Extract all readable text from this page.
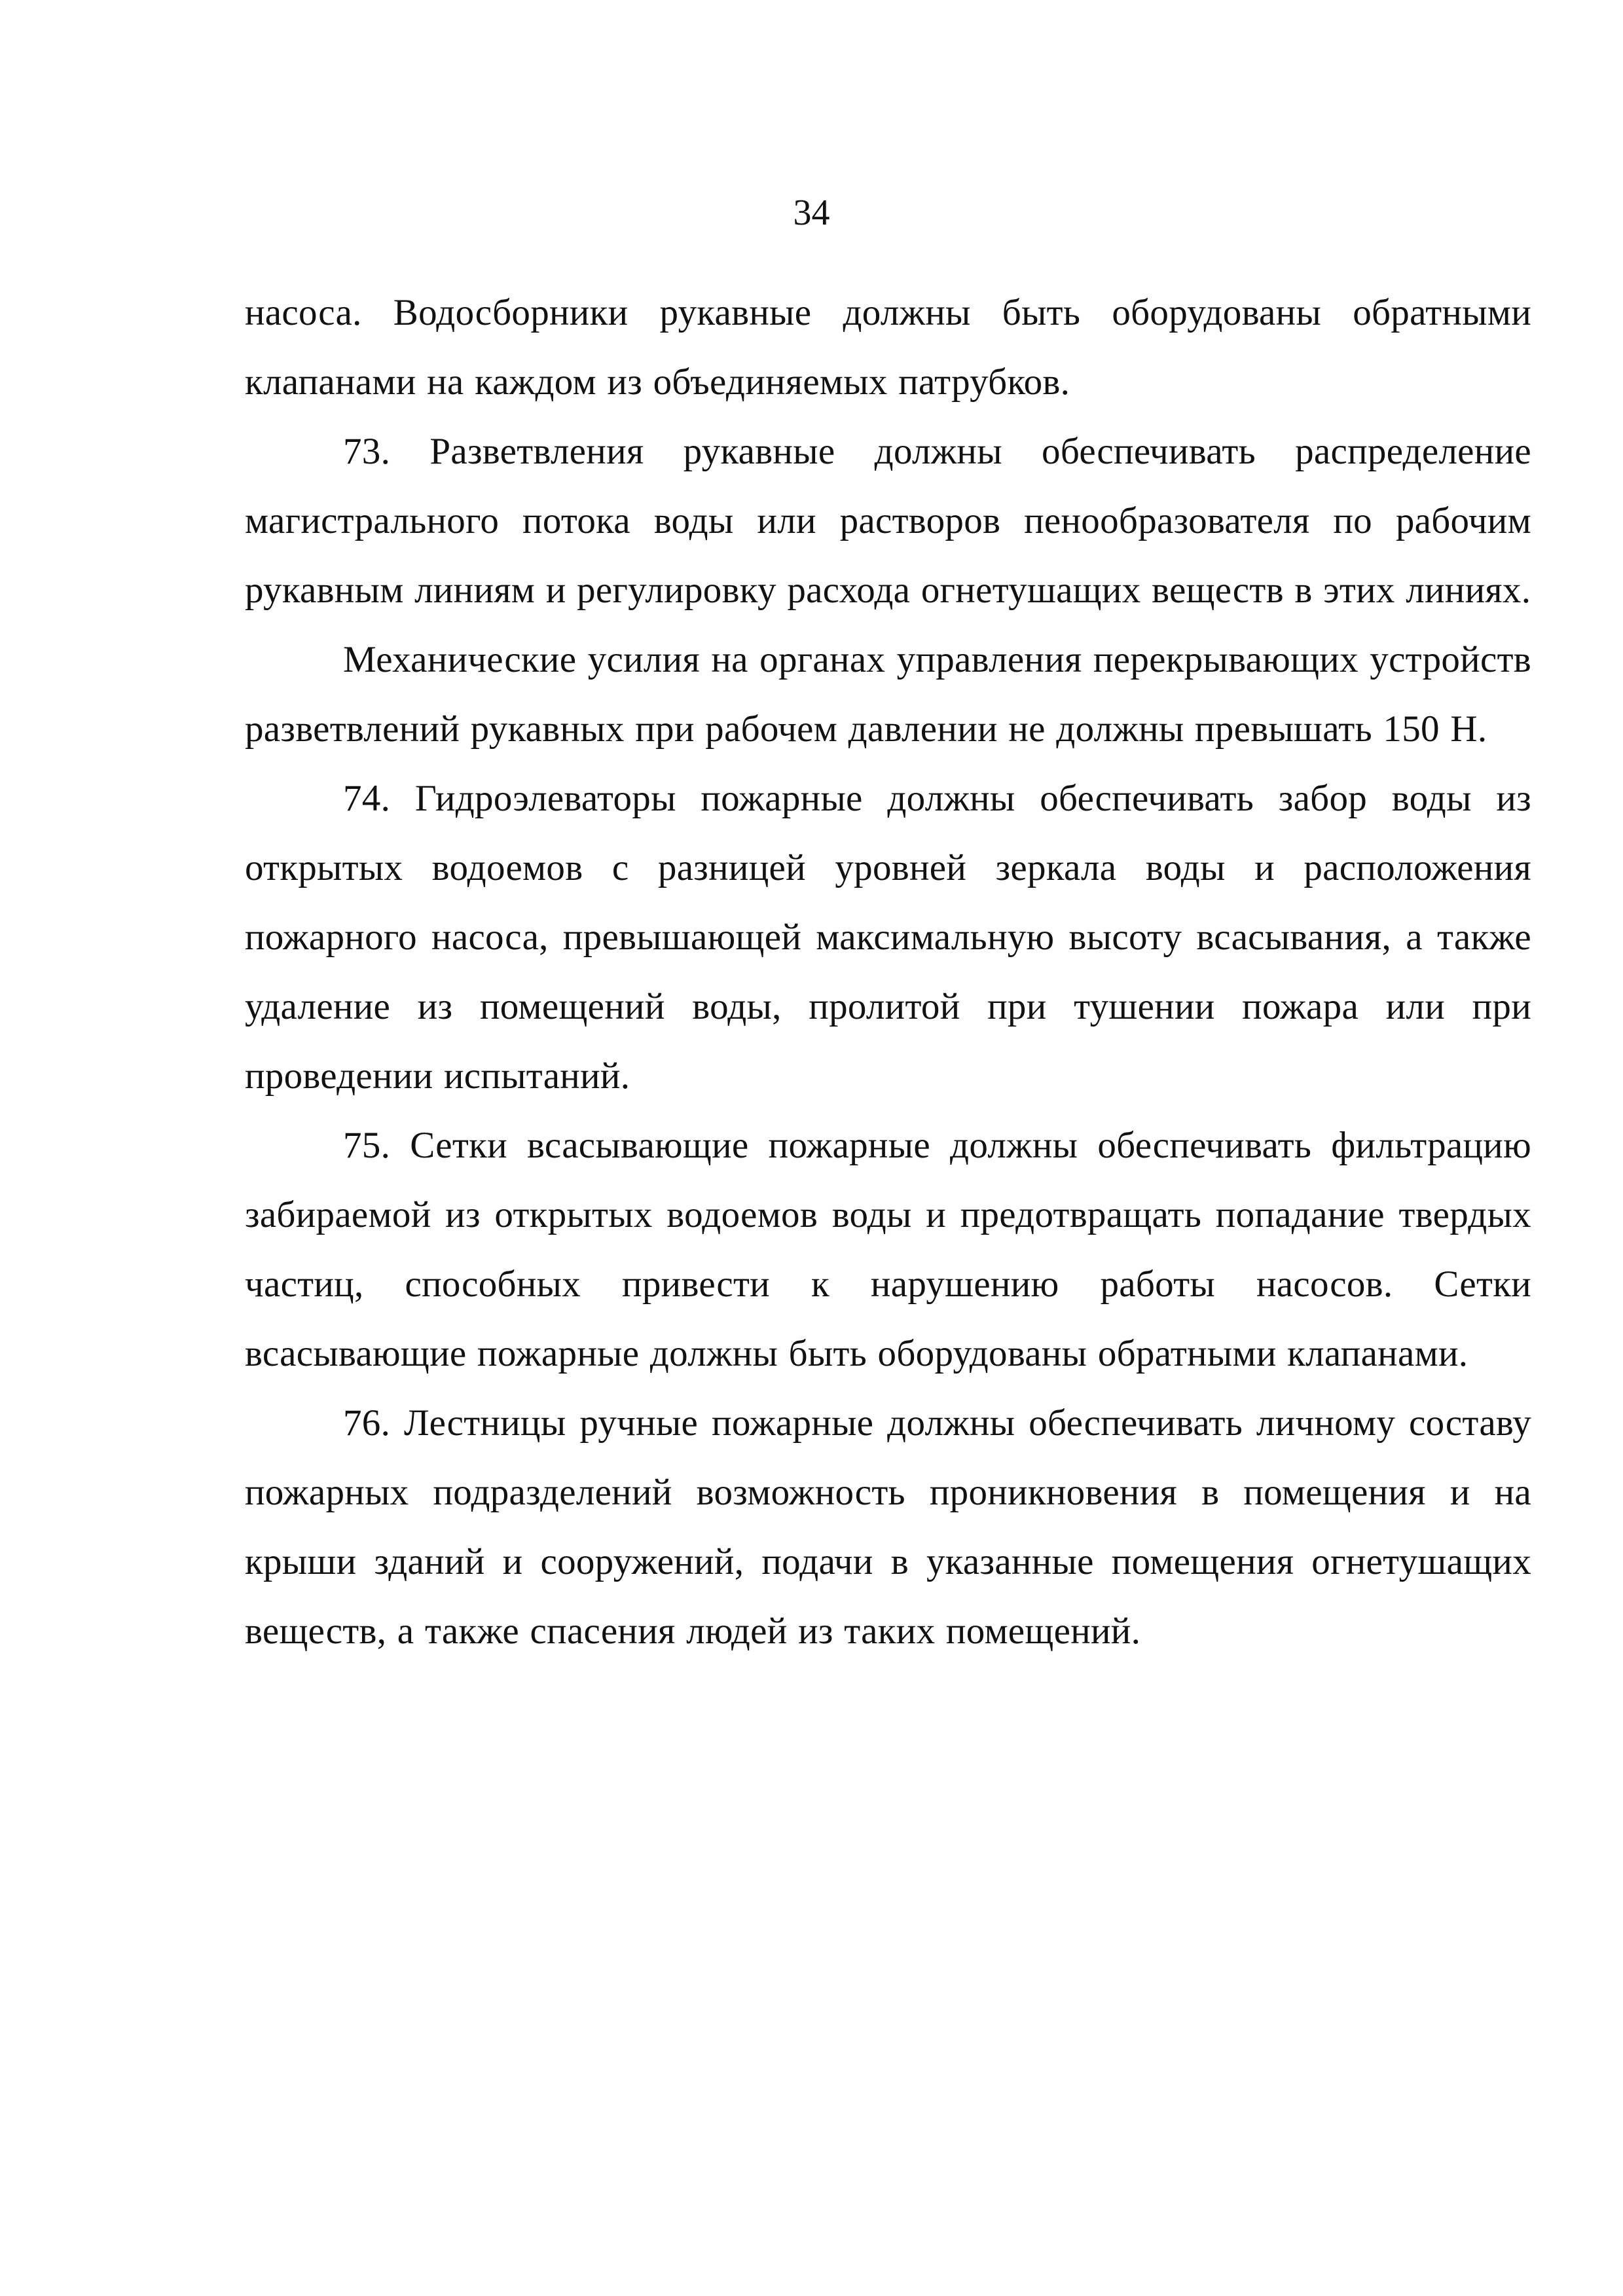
34

насоса. Водосборники рукавные должны быть оборудованы обратными клапанами на каждом из объединяемых патрубков.

73. Разветвления рукавные должны обеспечивать распределение магистрального потока воды или растворов пенообразователя по рабочим рукавным линиям и регулировку расхода огнетушащих веществ в этих линиях.

Механические усилия на органах управления перекрывающих устройств разветвлений рукавных при рабочем давлении не должны превышать 150 Н.

74. Гидроэлеваторы пожарные должны обеспечивать забор воды из открытых водоемов с разницей уровней зеркала воды и расположения пожарного насоса, превышающей максимальную высоту всасывания, а также удаление из помещений воды, пролитой при тушении пожара или при проведении испытаний.

75. Сетки всасывающие пожарные должны обеспечивать фильтрацию забираемой из открытых водоемов воды и предотвращать попадание твердых частиц, способных привести к нарушению работы насосов. Сетки всасывающие пожарные должны быть оборудованы обратными клапанами.

76. Лестницы ручные пожарные должны обеспечивать личному составу пожарных подразделений возможность проникновения в помещения и на крыши зданий и сооружений, подачи в указанные помещения огнетушащих веществ, а также спасения людей из таких помещений.
